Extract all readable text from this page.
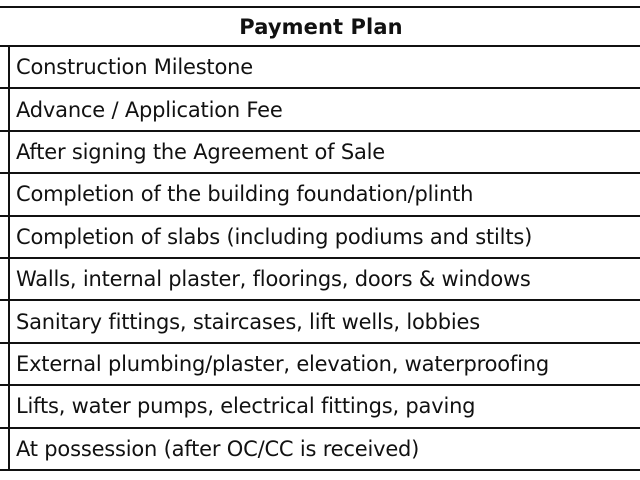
Payment Plan
Construction Milestone
Advance / Application Fee
After signing the Agreement of Sale
Completion of the building foundation/plinth
Completion of slabs (including podiums and stilts)
Walls, internal plaster, floorings, doors & windows
Sanitary fittings, staircases, lift wells, lobbies
External plumbing/plaster, elevation, waterproofing
Lifts, water pumps, electrical fittings, paving
At possession (after OC/CC is received)
